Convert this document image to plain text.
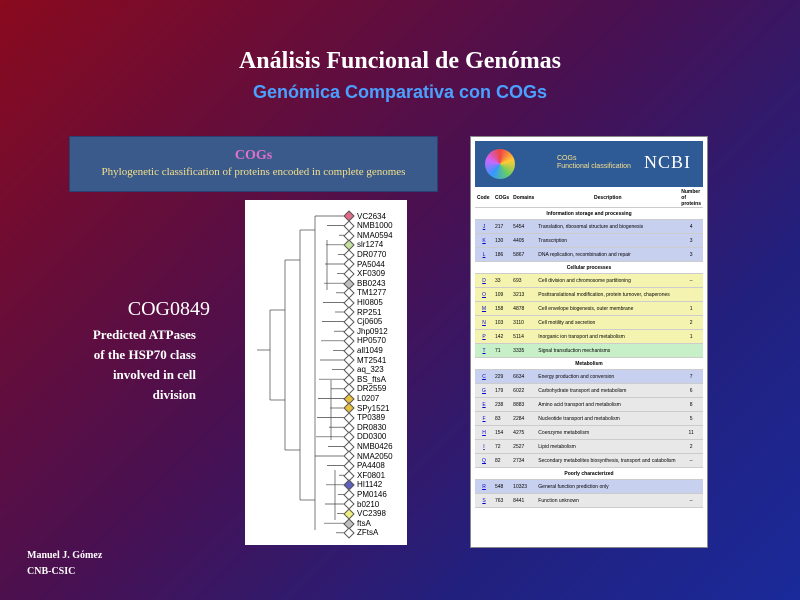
Análisis Funcional de Genómas
Genómica Comparativa con COGs
COGs
Phylogenetic classification of proteins encoded in complete genomes
VC2634
NMB1000
NMA0594
slr1274
DR0770
PA5044
XF0309
BB0243
TM1277
HI0805
RP251
Cj0605
Jhp0912
HP0570
all1049
MT2541
aq_323
BS_ftsA
DR2559
L0207
SPy1521
TP0389
DR0830
DD0300
NMB0426
NMA2050
PA4408
XF0801
HI1142
PM0146
b0210
VC2398
ftsA
ZFtsA
COG0849
Predicted ATPases
of the HSP70 class
involved in cell
division
Manuel J. Gómez
CNB-CSIC
COGs
Functional classification NCBI
Code	COGs	Domains	Description	Number of proteins
Information storage and processing				
J	217	5454	Translation, ribosomal structure and biogenesis	4
K	130	4405	Transcription	3
L	186	5867	DNA replication, recombination and repair	3
Cellular processes				
D	33	693	Cell division and chromosome partitioning	–
O	109	3213	Posttranslational modification, protein turnover, chaperones	
M	158	4878	Cell envelope biogenesis, outer membrane	1
N	103	3110	Cell motility and secretion	2
P	142	5114	Inorganic ion transport and metabolism	1
T	71	3335	Signal transduction mechanisms	
Metabolism				
C	229	6634	Energy production and conversion	7
G	179	6022	Carbohydrate transport and metabolism	6
E	238	8883	Amino acid transport and metabolism	8
F	83	2284	Nucleotide transport and metabolism	5
H	154	4275	Coenzyme metabolism	11
I	72	2527	Lipid metabolism	2
Q	82	2734	Secondary metabolites biosynthesis, transport and catabolism	–
Poorly characterized				
R	548	10323	General function prediction only	
S	763	8441	Function unknown	–
